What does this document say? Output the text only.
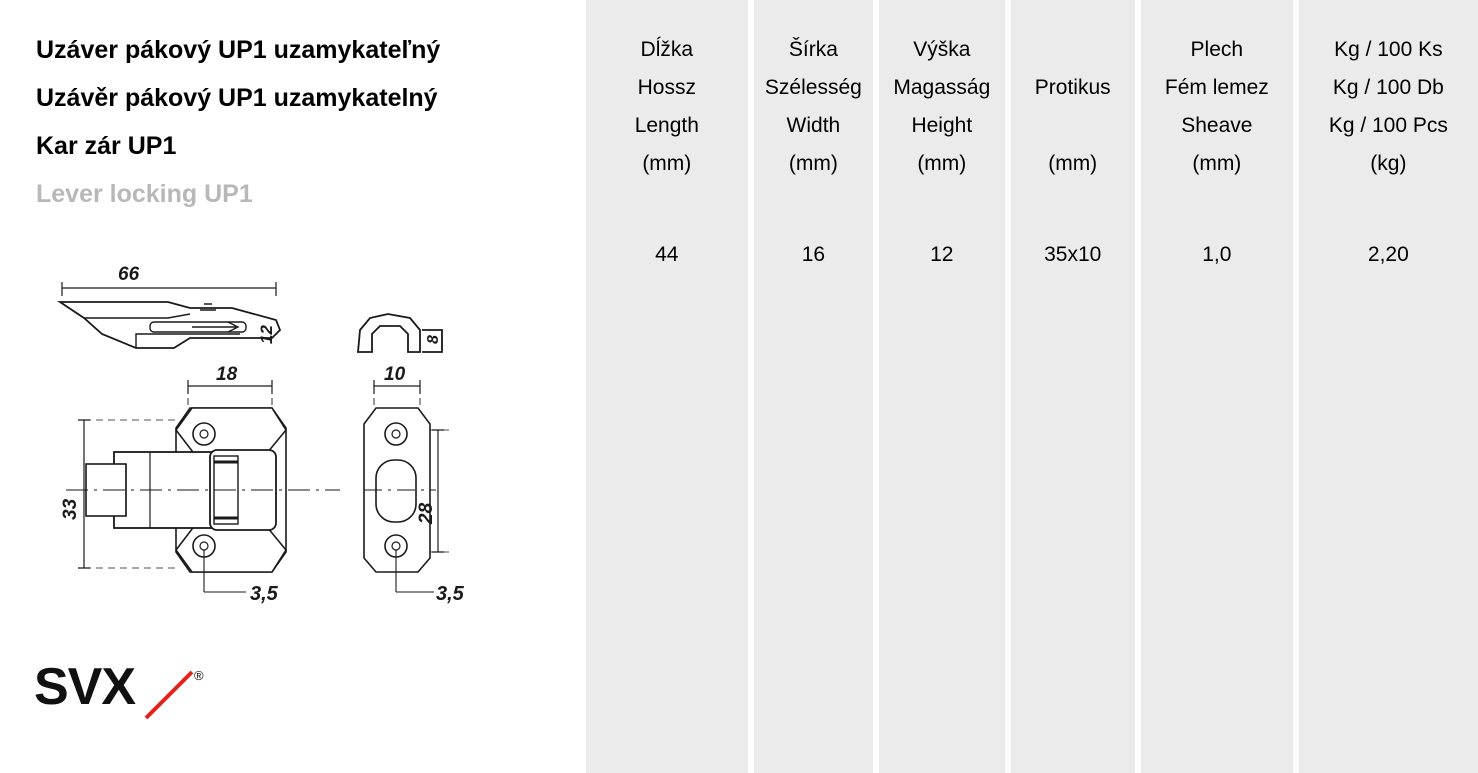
Uzáver pákový UP1 uzamykateľný
Uzávěr pákový UP1 uzamykatelný
Kar zár UP1
Lever locking UP1
66
12	8
18
33
3,5
10
28
3,5
SVX	®
Dĺžka
Hossz
Length
(mm)
44
Šírka
Szélesség
Width
(mm)
16
Výška
Magasság
Height
(mm)
12
Protikus
(mm)
35x10
Plech
Fém lemez
Sheave
(mm)
1,0
Kg / 100 Ks
Kg / 100 Db
Kg / 100 Pcs
(kg)
2,20
